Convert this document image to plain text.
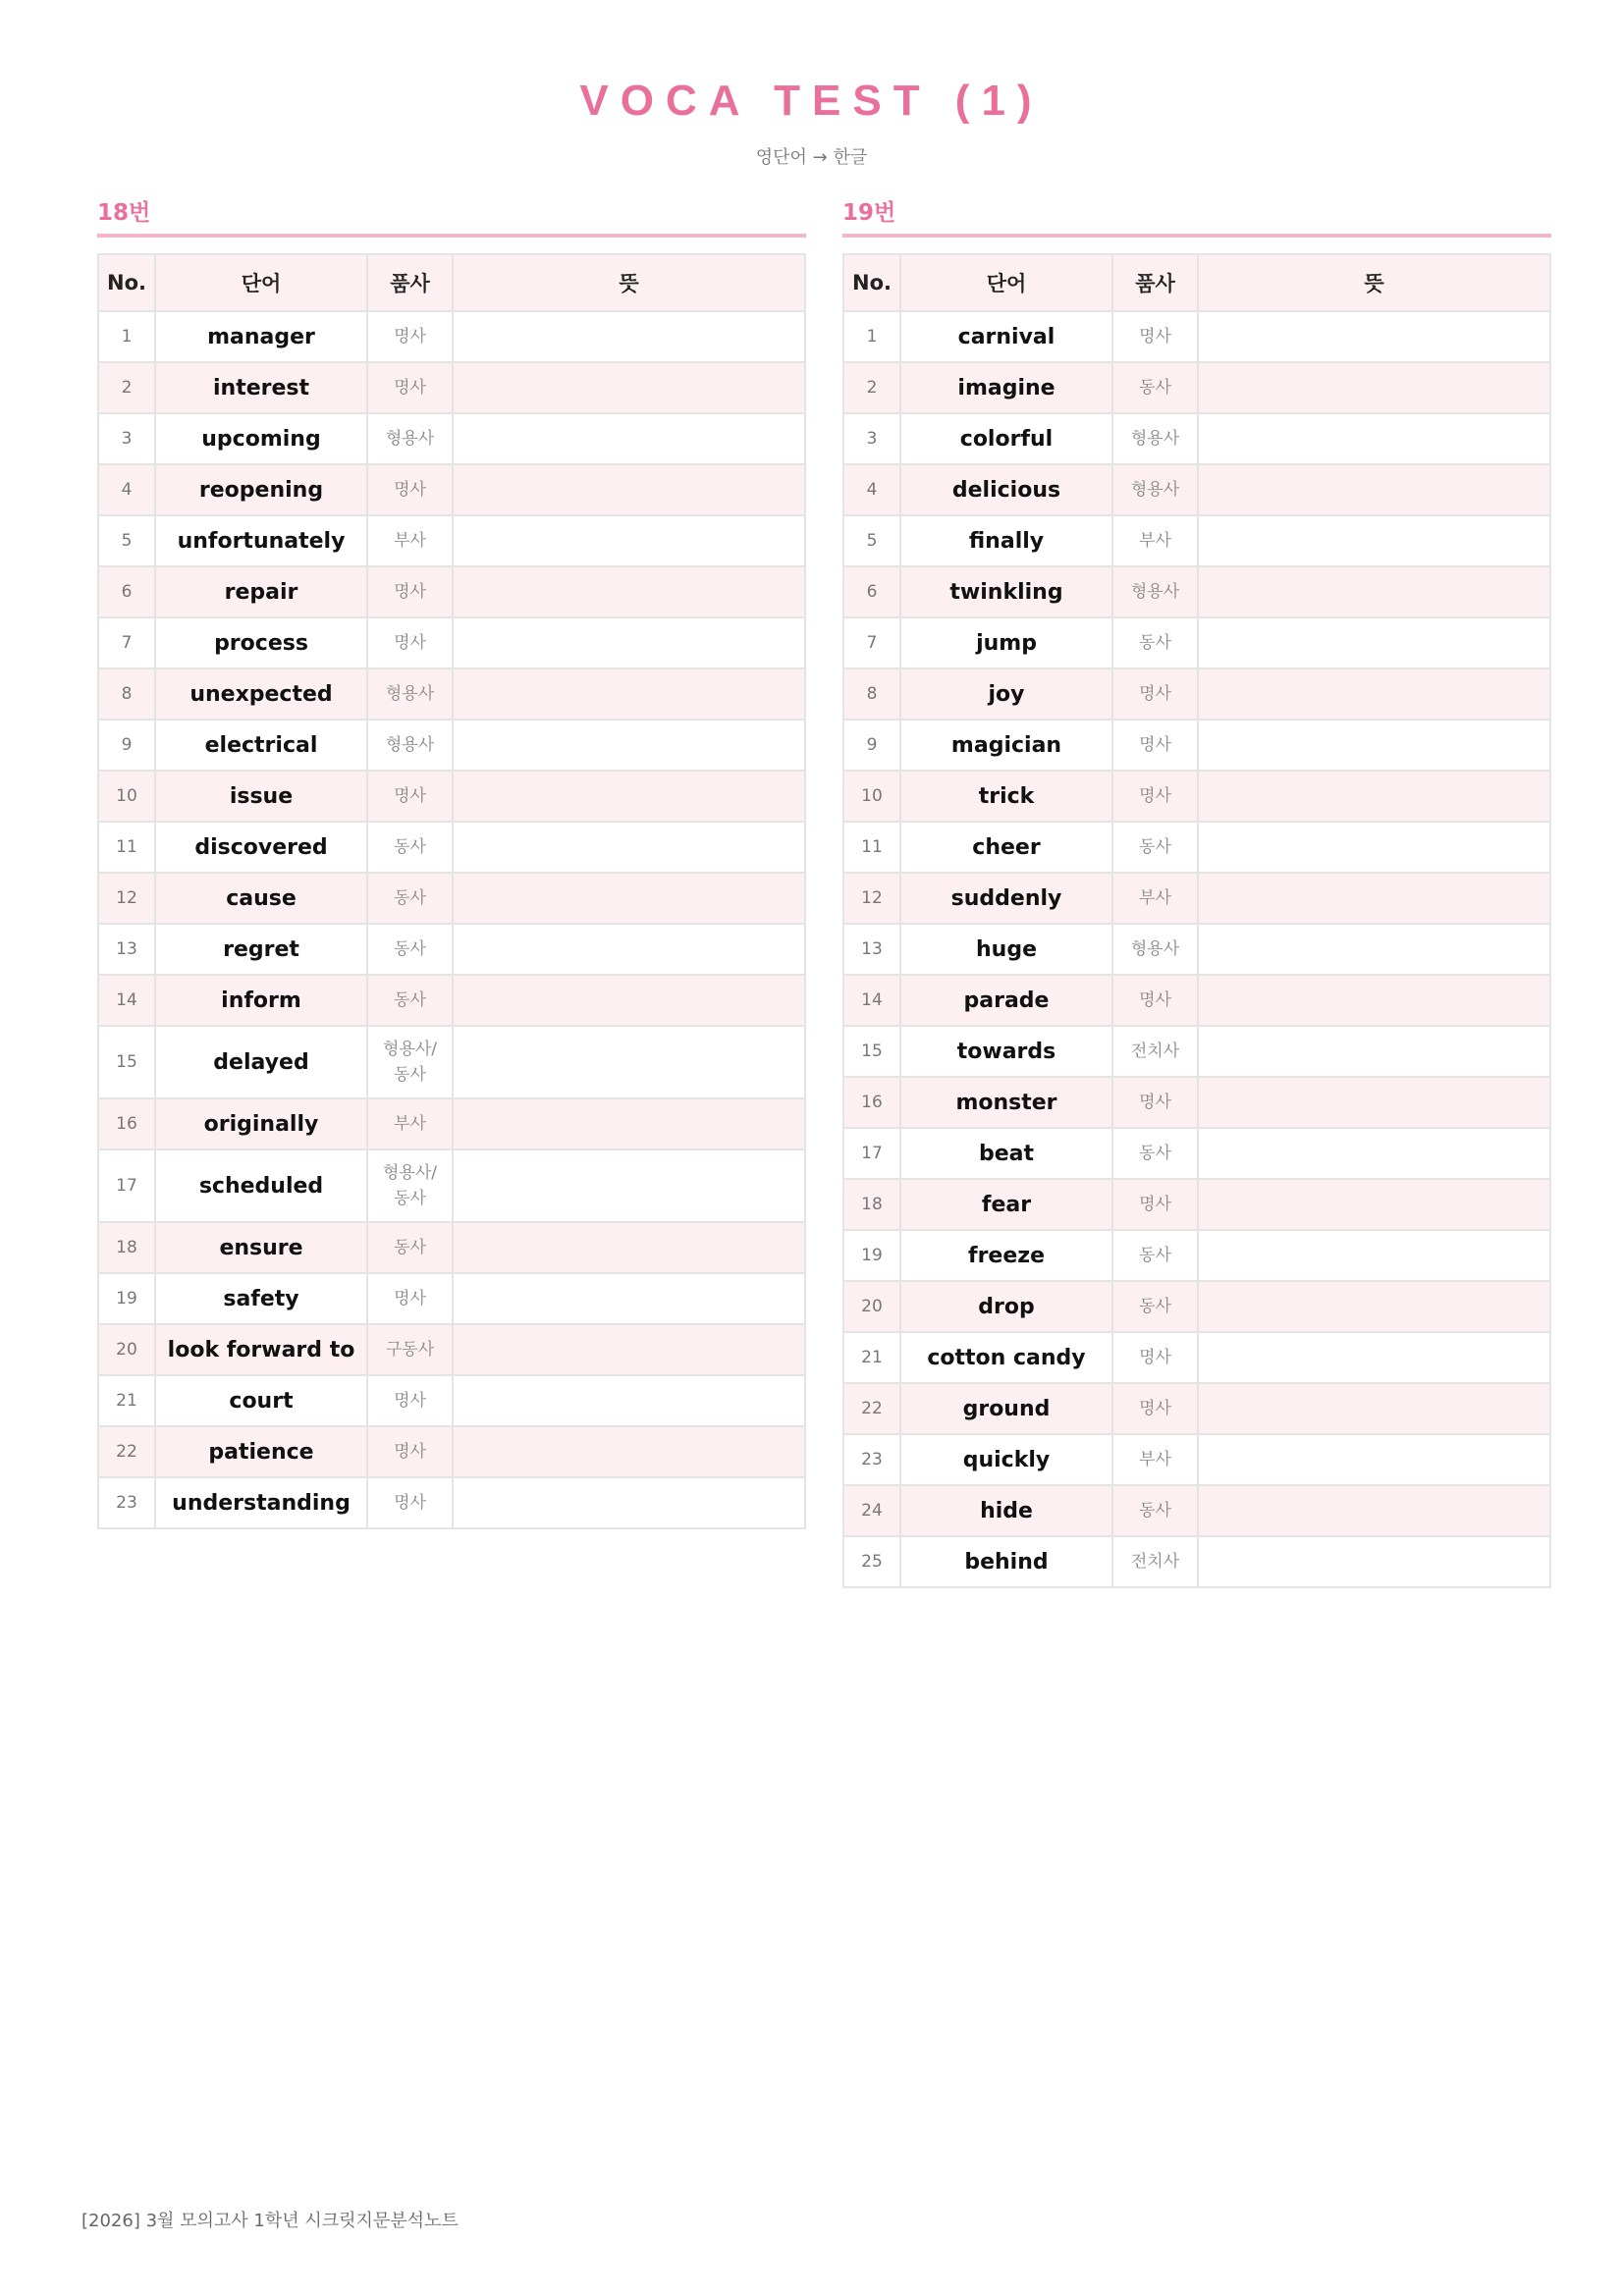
VOCA TEST (1)
영단어 → 한글
18번
No.	단어	품사	뜻
1	manager	명사	
2	interest	명사	
3	upcoming	형용사	
4	reopening	명사	
5	unfortunately	부사	
6	repair	명사	
7	process	명사	
8	unexpected	형용사	
9	electrical	형용사	
10	issue	명사	
11	discovered	동사	
12	cause	동사	
13	regret	동사	
14	inform	동사	
15	delayed	형용사/
동사	
16	originally	부사	
17	scheduled	형용사/
동사	
18	ensure	동사	
19	safety	명사	
20	look forward to	구동사	
21	court	명사	
22	patience	명사	
23	understanding	명사	
19번
No.	단어	품사	뜻
1	carnival	명사	
2	imagine	동사	
3	colorful	형용사	
4	delicious	형용사	
5	finally	부사	
6	twinkling	형용사	
7	jump	동사	
8	joy	명사	
9	magician	명사	
10	trick	명사	
11	cheer	동사	
12	suddenly	부사	
13	huge	형용사	
14	parade	명사	
15	towards	전치사	
16	monster	명사	
17	beat	동사	
18	fear	명사	
19	freeze	동사	
20	drop	동사	
21	cotton candy	명사	
22	ground	명사	
23	quickly	부사	
24	hide	동사	
25	behind	전치사	
[2026] 3월 모의고사 1학년 시크릿지문분석노트
